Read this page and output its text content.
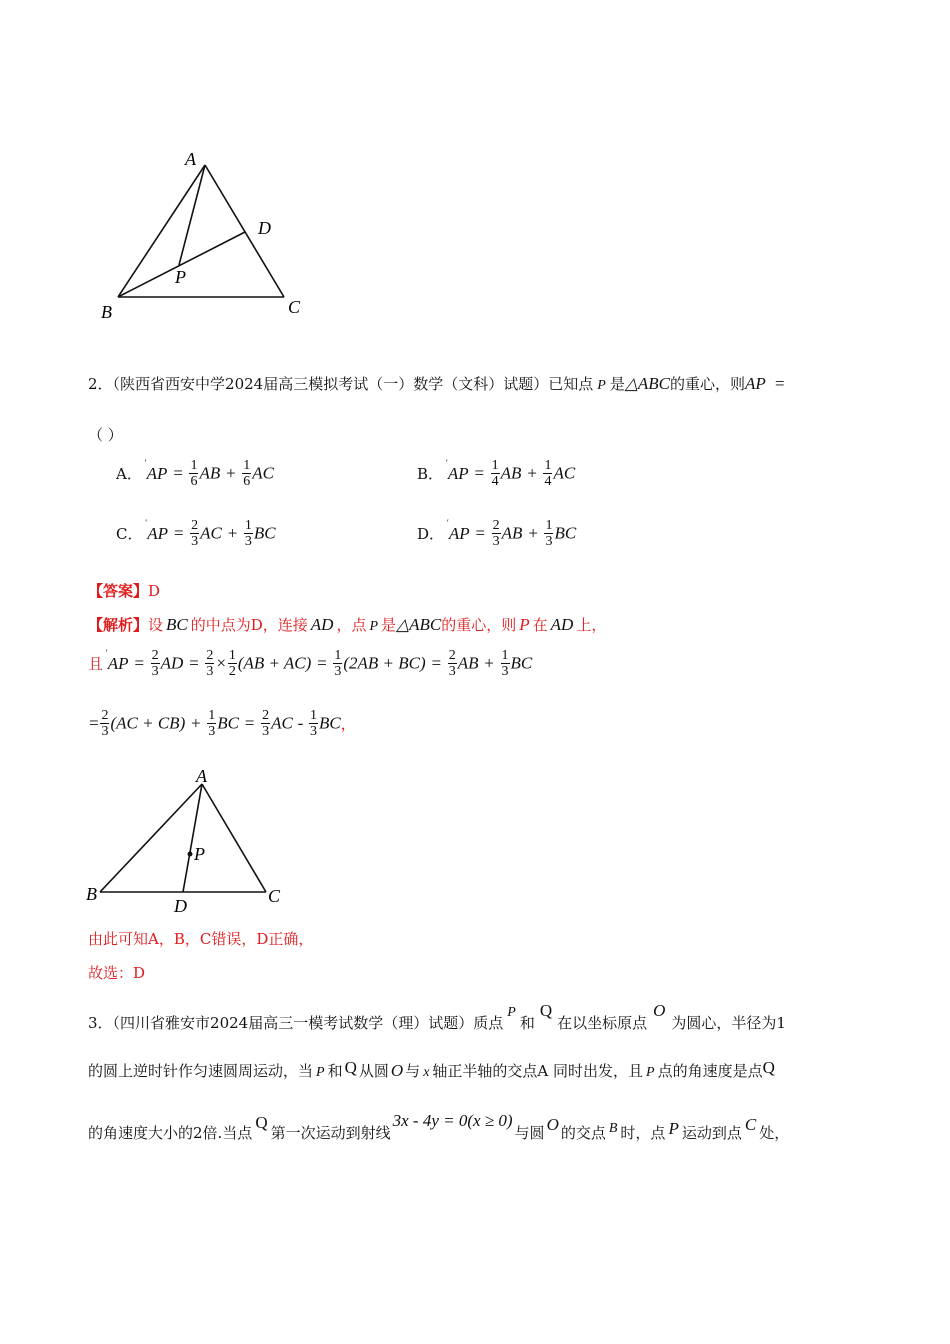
A
B	C
D
P
2．（陕西省西安中学2024届高三模拟考试（一）数学（文科）试题）已知点 P 是△ABC的重心，则AP =
（ ）
A．
′
AP = $\frac{1}{6}$ AB + $\frac{1}{6}$ AC	B．
′
AP = $\frac{1}{4}$ AB + $\frac{1}{4}$ AC
C．
′
AP = $\frac{2}{3}$ AC + $\frac{1}{3}$ BC	D．
′
AP = $\frac{2}{3}$ AB + $\frac{1}{3}$ BC
【答案】D
【解析】设 BC 的中点为D，连接 AD ，点 P 是△ABC的重心，则 P 在 AD 上，
且
′
AP = $\frac{2}{3}$ AD = $\frac{2}{3} \times \frac{1}{2} (AB + AC) = \frac{1}{3} (2AB + BC) = \frac{2}{3}$ AB + $\frac{1}{3}$ BC
= $\frac{2}{3} (AC + CB) + \frac{1}{3}$ BC = $\frac{2}{3}$ AC - $\frac{1}{3}$ BC，
A
B	C
D
P
由此可知A，B，C错误，D正确，
故选：D
3．（四川省雅安市2024届高三一模考试数学（理）试题）质点P和Q在以坐标原点O为圆心，半径为1
的圆上逆时针作匀速圆周运动，当 P 和 Q 从圆 O 与 x 轴正半轴的交点A 同时出发，且 P 点的角速度是点Q
的角速度大小的2倍.当点Q第一次运动到射线3x - 4y = 0(x ≥ 0)与圆 O 的交点 B 时，点 P 运动到点 C 处，
